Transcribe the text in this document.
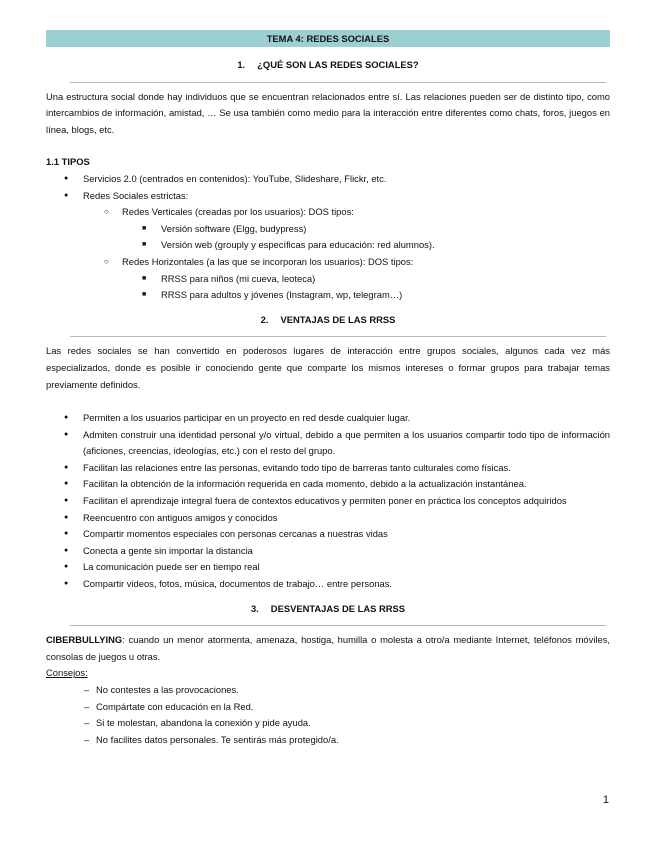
TEMA 4: REDES SOCIALES
1. ¿QUÉ SON LAS REDES SOCIALES?
Una estructura social donde hay individuos que se encuentran relacionados entre sí. Las relaciones pueden ser de distinto tipo, como intercambios de información, amistad, … Se usa también como medio para la interacción entre diferentes como chats, foros, juegos en línea, blogs, etc.
1.1 TIPOS
● Servicios 2.0 (centrados en contenidos): YouTube, Slideshare, Flickr, etc.
● Redes Sociales estrictas:
○ Redes Verticales (creadas por los usuarios): DOS tipos:
■ Versión software (Elgg, budypress)
■ Versión web (grouply y específicas para educación: red alumnos).
○ Redes Horizontales (a las que se incorporan los usuarios): DOS tipos:
■ RRSS para niños (mi cueva, leoteca)
■ RRSS para adultos y jóvenes (Instagram, wp, telegram…)
2. VENTAJAS DE LAS RRSS
Las redes sociales se han convertido en poderosos lugares de interacción entre grupos sociales, algunos cada vez más especializados, donde es posible ir conociendo gente que comparte los mismos intereses o formar grupos para trabajar temas previamente definidos.
● Permiten a los usuarios participar en un proyecto en red desde cualquier lugar.
● Admiten construir una identidad personal y/o virtual, debido a que permiten a los usuarios compartir todo tipo de información (aficiones, creencias, ideologías, etc.) con el resto del grupo.
● Facilitan las relaciones entre las personas, evitando todo tipo de barreras tanto culturales como físicas.
● Facilitan la obtención de la información requerida en cada momento, debido a la actualización instantánea.
● Facilitan el aprendizaje integral fuera de contextos educativos y permiten poner en práctica los conceptos adquiridos
● Reencuentro con antiguos amigos y conocidos
● Compartir momentos especiales con personas cercanas a nuestras vidas
● Conecta a gente sin importar la distancia
● La comunicación puede ser en tiempo real
● Compartir videos, fotos, música, documentos de trabajo… entre personas.
3. DESVENTAJAS DE LAS RRSS
CIBERBULLYING: cuando un menor atormenta, amenaza, hostiga, humilla o molesta a otro/a mediante Internet, teléfonos móviles, consolas de juegos u otras.
Consejos:
– No contestes a las provocaciones.
– Compártate con educación en la Red.
– Si te molestan, abandona la conexión y pide ayuda.
– No facilites datos personales. Te sentirás más protegido/a.
1
